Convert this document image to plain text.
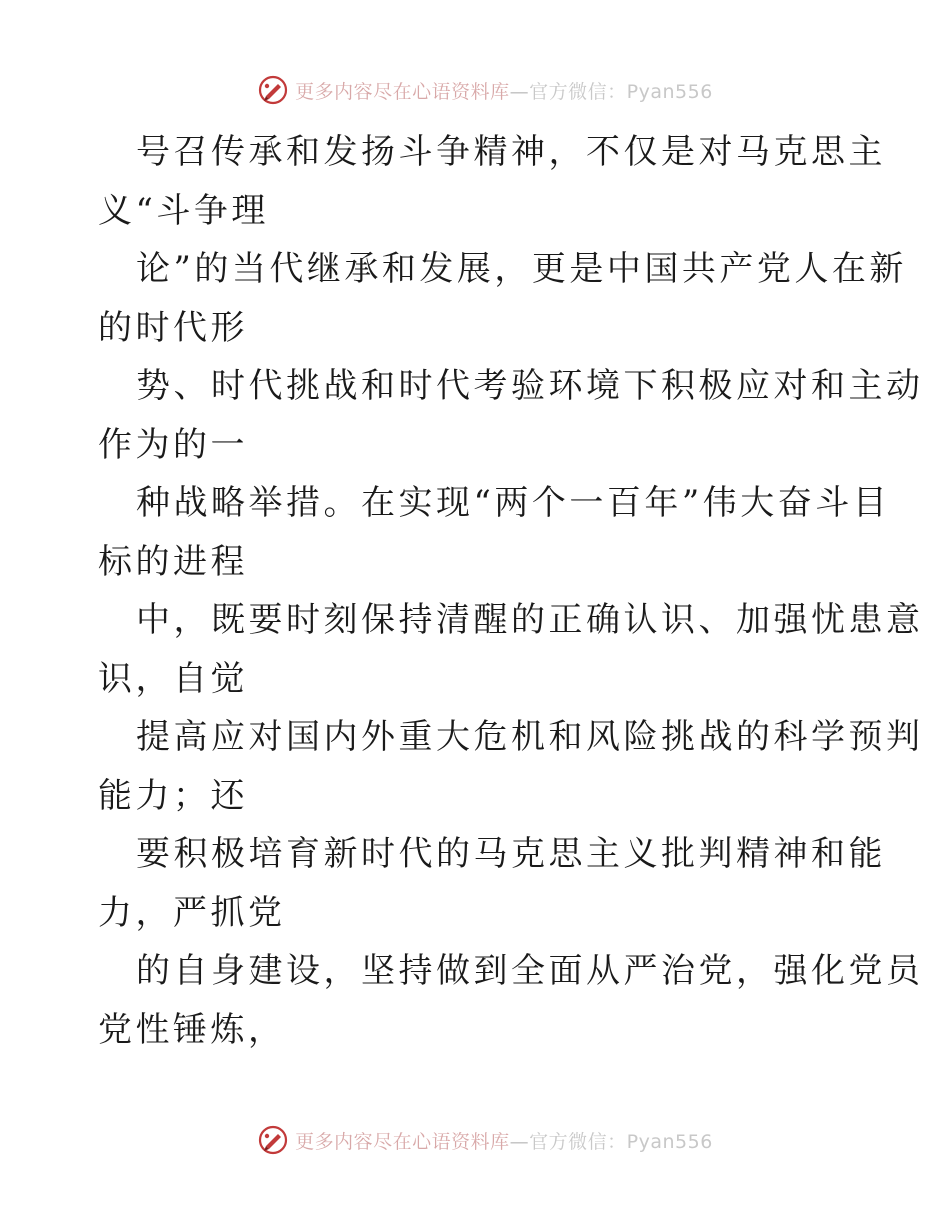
更多内容尽在心语资料库—官方微信：Pyan556
号召传承和发扬斗争精神，不仅是对马克思主
义“斗争理
论”的当代继承和发展，更是中国共产党人在新
的时代形
势、时代挑战和时代考验环境下积极应对和主动
作为的一
种战略举措。在实现“两个一百年”伟大奋斗目
标的进程
中，既要时刻保持清醒的正确认识、加强忧患意
识，自觉
提高应对国内外重大危机和风险挑战的科学预判
能力；还
要积极培育新时代的马克思主义批判精神和能
力，严抓党
的自身建设，坚持做到全面从严治党，强化党员
党性锤炼，
更多内容尽在心语资料库—官方微信：Pyan556
